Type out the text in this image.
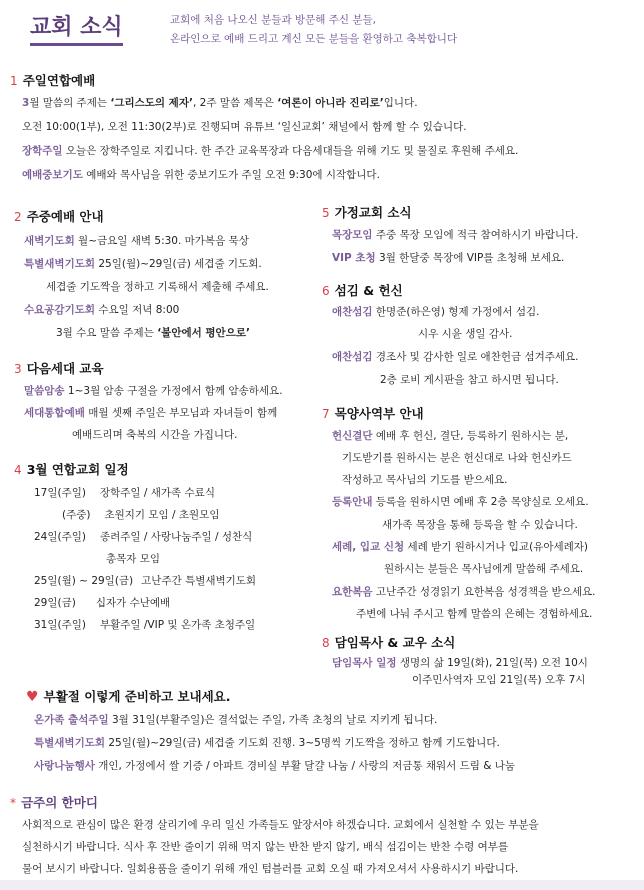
교회 소식	교회에 처음 나오신 분들과 방문해 주신 분들,
온라인으로 예배 드리고 계신 모든 분들을 환영하고 축복합니다
1 주일연합예배
3월 말씀의 주제는 ‘그리스도의 제자’, 2주 말씀 제목은 ‘여론이 아니라 진리로’입니다.
오전 10:00(1부), 오전 11:30(2부)로 진행되며 유튜브 ‘일신교회’ 채널에서 함께 할 수 있습니다.
장학주일 오늘은 장학주일로 지킵니다. 한 주간 교육목장과 다음세대들을 위해 기도 및 물질로 후원해 주세요.
예배중보기도 예배와 목사님을 위한 중보기도가 주일 오전 9:30에 시작합니다.
2 주중예배 안내
새벽기도회 월~금요일 새벽 5:30. 마가복음 묵상
특별새벽기도회 25일(월)~29일(금) 세겹줄 기도회.
세겹줄 기도짝을 정하고 기록해서 제출해 주세요.
수요공감기도회 수요일 저녁 8:00
3월 수요 말씀 주제는 ‘불안에서 평안으로’
3 다음세대 교육
말씀암송 1~3월 암송 구절을 가정에서 함께 암송하세요.
세대통합예배 매월 셋째 주일은 부모님과 자녀들이 함께
예배드리며 축복의 시간을 가집니다.
4 3월 연합교회 일정
17일(주일) 장학주일 / 새가족 수료식
(주중) 초원지기 모임 / 초원모임
24일(주일) 종려주일 / 사랑나눔주일 / 성찬식
총목자 모임
25일(월) ~ 29일(금) 고난주간 특별새벽기도회
29일(금) 십자가 수난예배
31일(주일) 부활주일 /VIP 및 온가족 초청주일
5 가정교회 소식
목장모임 주중 목장 모임에 적극 참여하시기 바랍니다.
VIP 초청 3월 한달중 목장에 VIP를 초청해 보세요.
6 섬김 & 헌신
애찬섬김 한명준(하은영) 형제 가정에서 섬김.
시우 시윤 생일 감사.
애찬섬김 경조사 및 감사한 일로 애찬헌금 섬겨주세요.
2층 로비 게시판을 참고 하시면 됩니다.
7 목양사역부 안내
헌신결단 예배 후 헌신, 결단, 등록하기 원하시는 분,
기도받기를 원하시는 분은 헌신대로 나와 헌신카드
작성하고 목사님의 기도를 받으세요.
등록안내 등록을 원하시면 예배 후 2층 목양실로 오세요.
새가족 목장을 통해 등록을 할 수 있습니다.
세례, 입교 신청 세례 받기 원하시거나 입교(유아세례자)
원하시는 분들은 목사님에게 말씀해 주세요.
요한복음 고난주간 성경읽기 요한복음 성경책을 받으세요.
주변에 나눠 주시고 함께 말씀의 은혜는 경험하세요.
8 담임목사 & 교우 소식
담임목사 일정 생명의 삶 19일(화), 21일(목) 오전 10시
이주민사역자 모임 21일(목) 오후 7시
♥ 부활절 이렇게 준비하고 보내세요.
온가족 출석주일 3월 31일(부활주일)은 결석없는 주일, 가족 초청의 날로 지키게 됩니다.
특별새벽기도회 25일(월)~29일(금) 세겹줄 기도회 진행. 3~5명씩 기도짝을 정하고 함께 기도합니다.
사랑나눔행사 개인, 가정에서 쌀 기증 / 아파트 경비실 부활 달걀 나눔 / 사랑의 저금통 채워서 드림 & 나눔
* 금주의 한마디
사회적으로 관심이 많은 환경 살리기에 우리 일신 가족들도 앞장서야 하겠습니다. 교회에서 실천할 수 있는 부분을
실천하시기 바랍니다. 식사 후 잔반 줄이기 위해 먹지 않는 반찬 받지 않기, 배식 섬김이는 반찬 수령 여부를
물어 보시기 바랍니다. 일회용품을 줄이기 위해 개인 텀블러를 교회 오실 때 가져오셔서 사용하시기 바랍니다.
